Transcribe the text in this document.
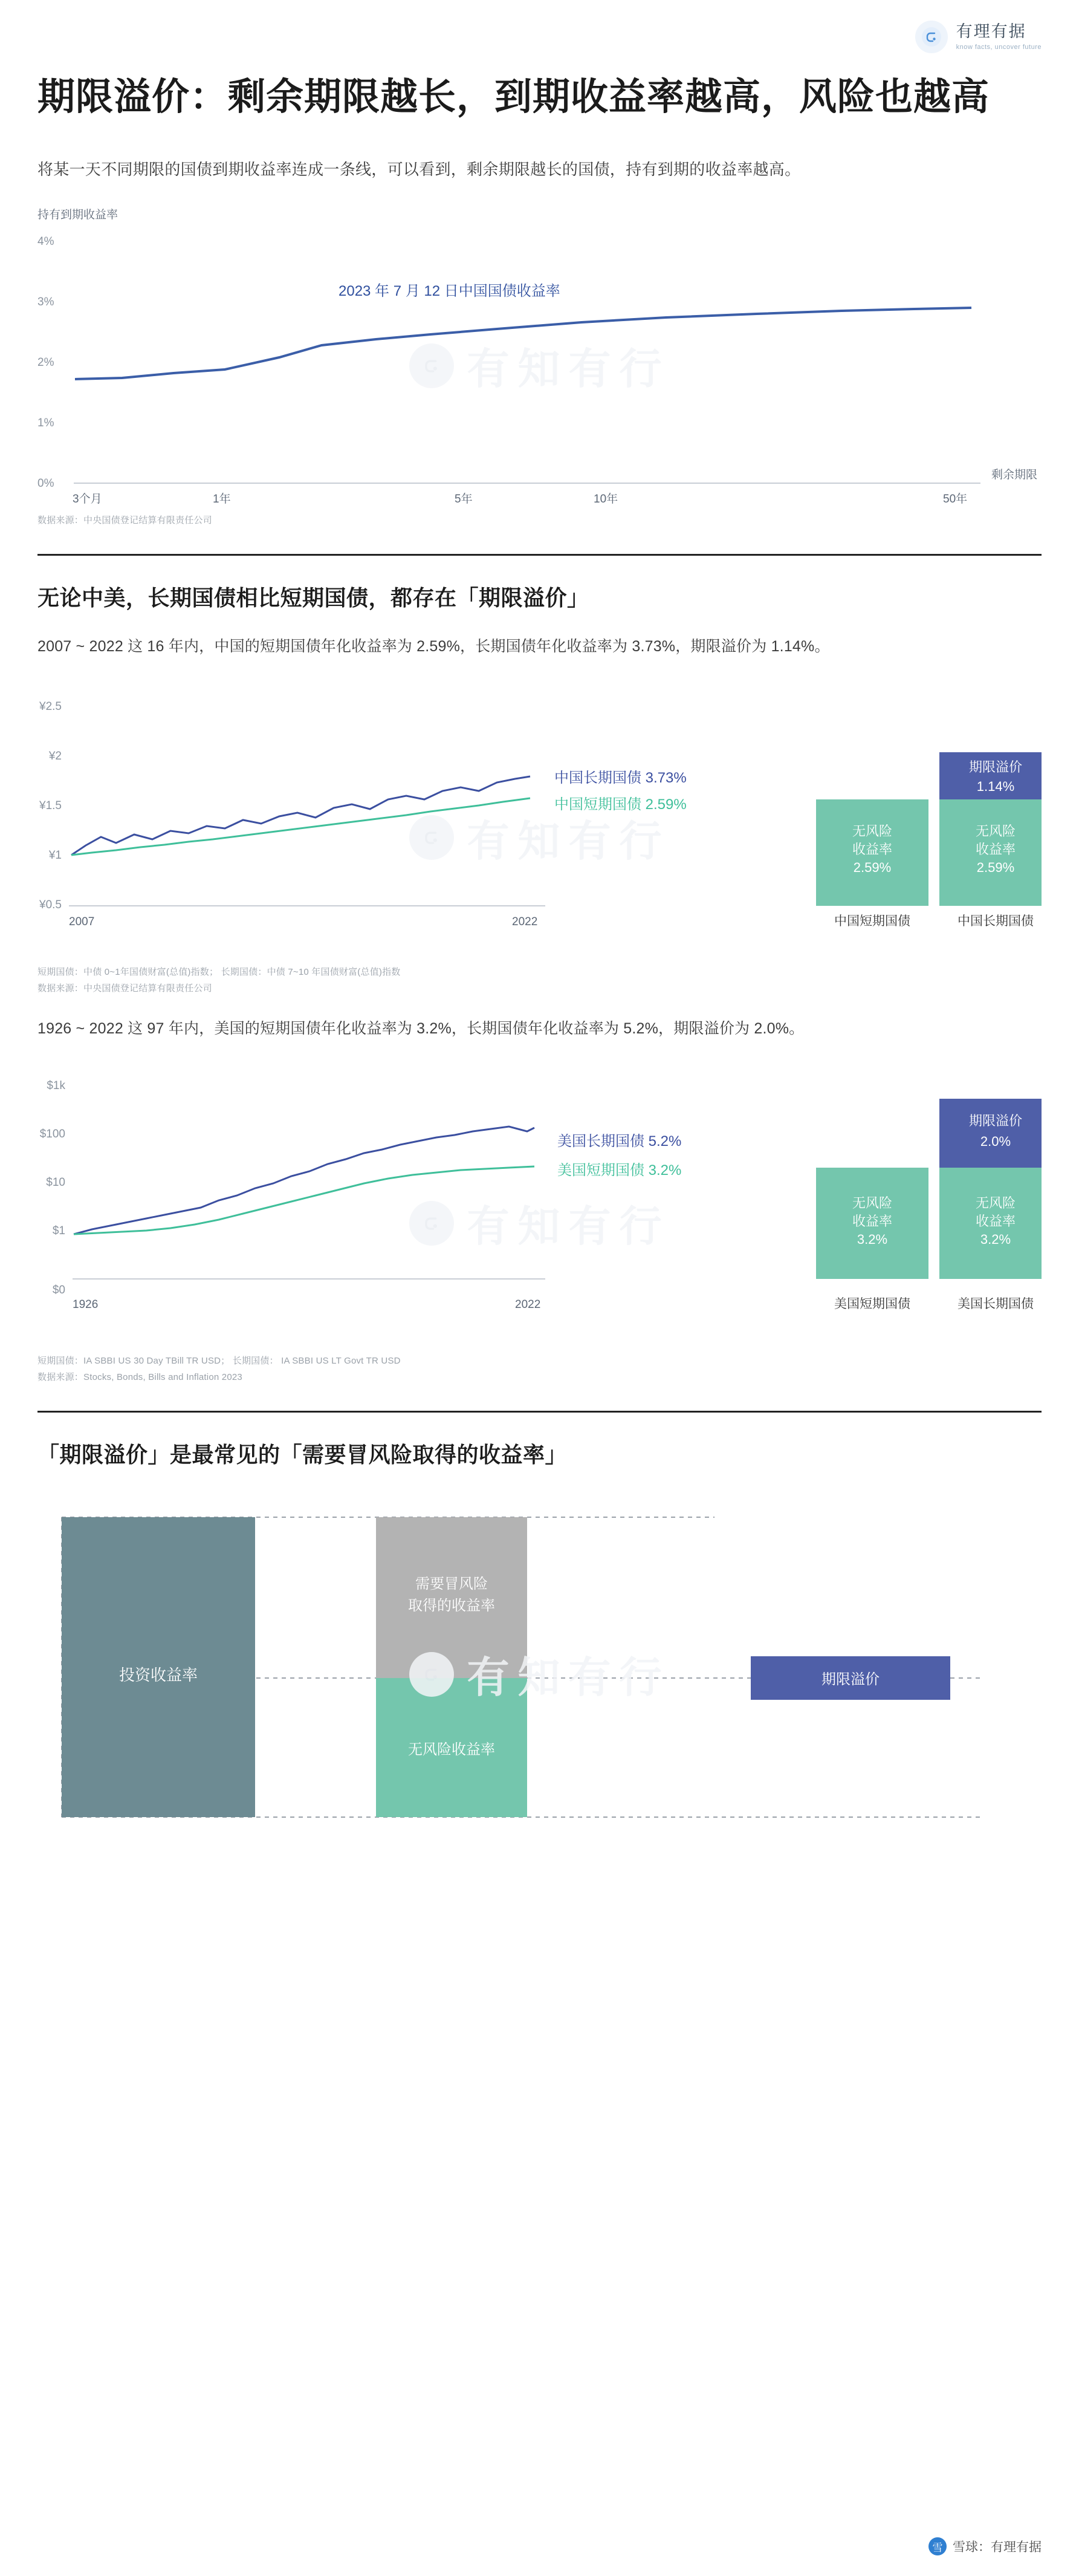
有理有据
know facts, uncover future
期限溢价：剩余期限越长，到期收益率越高，风险也越高

将某一天不同期限的国债到期收益率连成一条线，可以看到，剩余期限越长的国债，持有到期的收益率越高。

有知有行
持有到期收益率
4%
3%
2%
1%
0%
剩余期限
2023 年 7 月 12 日中国国债收益率
3个月	1年	5年	10年	50年
数据来源：中央国债登记结算有限责任公司
无论中美，长期国债相比短期国债，都存在「期限溢价」

2007 ~ 2022 这 16 年内，中国的短期国债年化收益率为 2.59%，长期国债年化收益率为 3.73%，期限溢价为 1.14%。

有知有行
¥2.5
¥2
¥1.5
¥1
¥0.5
中国长期国债 3.73%
中国短期国债 2.59%
2007	2022
无风险
收益率
2.59%
期限溢价
1.14%
无风险
收益率
2.59%
中国短期国债	中国长期国债
短期国债：中债 0~1年国债财富(总值)指数； 长期国债：中债 7~10 年国债财富(总值)指数
数据来源：中央国债登记结算有限责任公司

1926 ~ 2022 这 97 年内，美国的短期国债年化收益率为 3.2%，长期国债年化收益率为 5.2%，期限溢价为 2.0%。

有知有行
$1k
$100
$10
$1
$0
美国长期国债 5.2%
美国短期国债 3.2%
1926	2022
无风险
收益率
3.2%
期限溢价
2.0%
无风险
收益率
3.2%
美国短期国债	美国长期国债
短期国债：IA SBBI US 30 Day TBill TR USD； 长期国债： IA SBBI US LT Govt TR USD
数据来源：Stocks, Bonds, Bills and Inflation 2023
「期限溢价」是最常见的「需要冒风险取得的收益率」
有知有行
投资收益率
需要冒风险
取得的收益率
无风险收益率
期限溢价
雪 雪球：有理有据
